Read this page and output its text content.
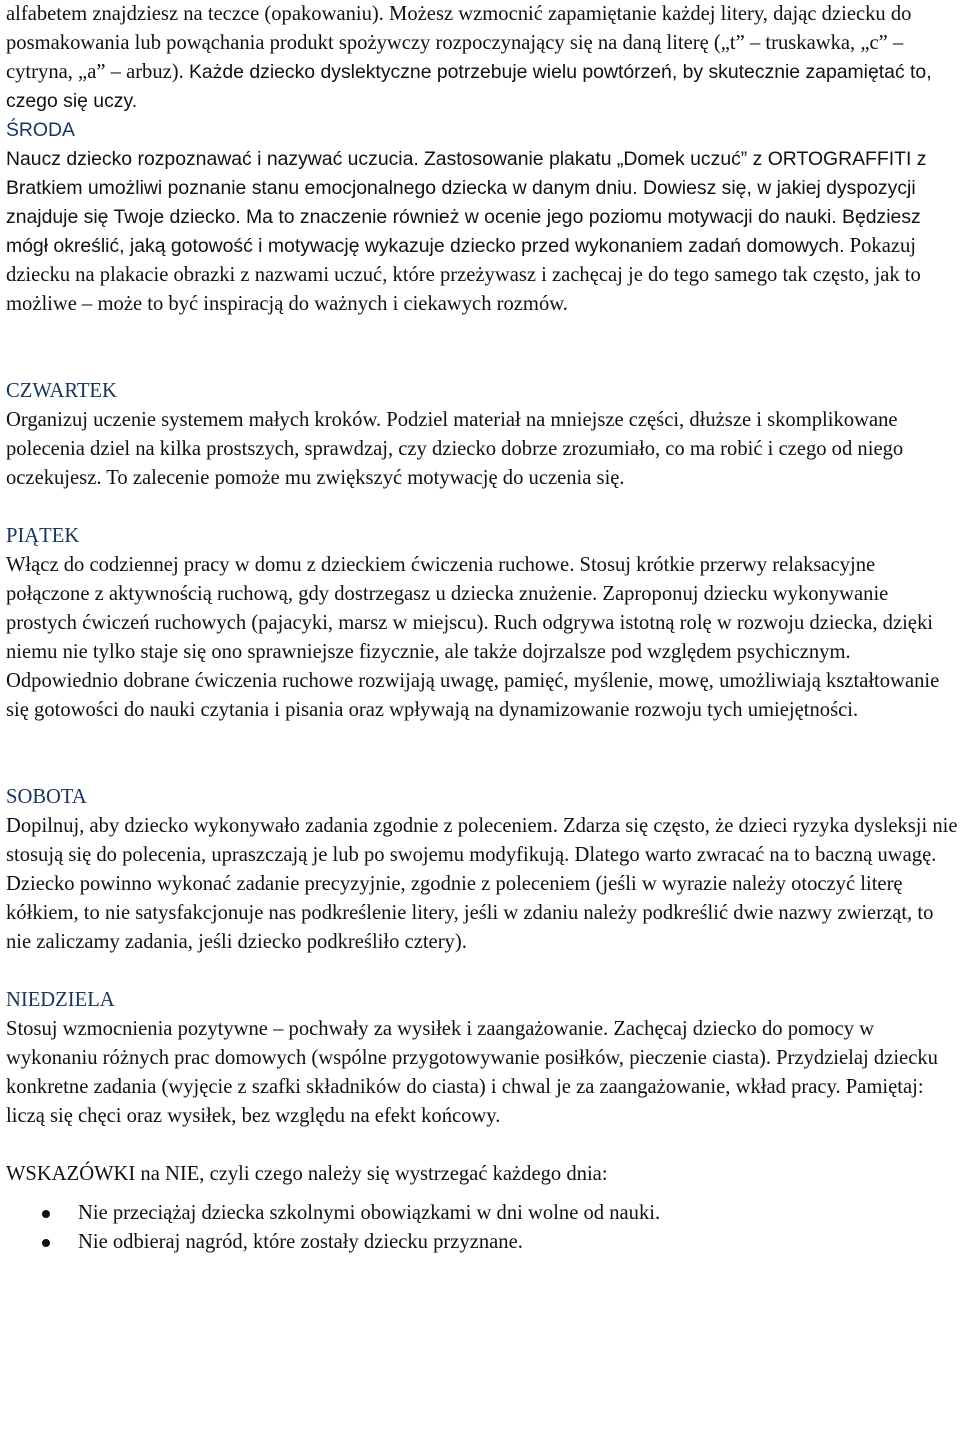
alfabetem znajdziesz na teczce (opakowaniu). Możesz wzmocnić zapamiętanie każdej litery, dając dziecku do posmakowania lub powąchania produkt spożywczy rozpoczynający się na daną literę („t” – truskawka, „c” – cytryna, „a” – arbuz). Każde dziecko dyslektyczne potrzebuje wielu powtórzeń, by skutecznie zapamiętać to, czego się uczy.

ŚRODA

Naucz dziecko rozpoznawać i nazywać uczucia. Zastosowanie plakatu „Domek uczuć” z ORTOGRAFFITI z Bratkiem umożliwi poznanie stanu emocjonalnego dziecka w danym dniu. Dowiesz się, w jakiej dyspozycji znajduje się Twoje dziecko. Ma to znaczenie również w ocenie jego poziomu motywacji do nauki. Będziesz mógł określić, jaką gotowość i motywację wykazuje dziecko przed wykonaniem zadań domowych. Pokazuj dziecku na plakacie obrazki z nazwami uczuć, które przeżywasz i zachęcaj je do tego samego tak często, jak to możliwe – może to być inspiracją do ważnych i ciekawych rozmów.

CZWARTEK

Organizuj uczenie systemem małych kroków. Podziel materiał na mniejsze części, dłuższe i skomplikowane polecenia dziel na kilka prostszych, sprawdzaj, czy dziecko dobrze zrozumiało, co ma robić i czego od niego oczekujesz. To zalecenie pomoże mu zwiększyć motywację do uczenia się.

PIĄTEK

Włącz do codziennej pracy w domu z dzieckiem ćwiczenia ruchowe. Stosuj krótkie przerwy relaksacyjne połączone z aktywnością ruchową, gdy dostrzegasz u dziecka znużenie. Zaproponuj dziecku wykonywanie prostych ćwiczeń ruchowych (pajacyki, marsz w miejscu). Ruch odgrywa istotną rolę w rozwoju dziecka, dzięki niemu nie tylko staje się ono sprawniejsze fizycznie, ale także dojrzalsze pod względem psychicznym. Odpowiednio dobrane ćwiczenia ruchowe rozwijają uwagę, pamięć, myślenie, mowę, umożliwiają kształtowanie się gotowości do nauki czytania i pisania oraz wpływają na dynamizowanie rozwoju tych umiejętności.

SOBOTA

Dopilnuj, aby dziecko wykonywało zadania zgodnie z poleceniem. Zdarza się często, że dzieci ryzyka dysleksji nie stosują się do polecenia, upraszczają je lub po swojemu modyfikują. Dlatego warto zwracać na to baczną uwagę. Dziecko powinno wykonać zadanie precyzyjnie, zgodnie z poleceniem (jeśli w wyrazie należy otoczyć literę kółkiem, to nie satysfakcjonuje nas podkreślenie litery, jeśli w zdaniu należy podkreślić dwie nazwy zwierząt, to nie zaliczamy zadania, jeśli dziecko podkreśliło cztery).

NIEDZIELA

Stosuj wzmocnienia pozytywne – pochwały za wysiłek i zaangażowanie. Zachęcaj dziecko do pomocy w wykonaniu różnych prac domowych (wspólne przygotowywanie posiłków, pieczenie ciasta). Przydzielaj dziecku konkretne zadania (wyjęcie z szafki składników do ciasta) i chwal je za zaangażowanie, wkład pracy. Pamiętaj: liczą się chęci oraz wysiłek, bez względu na efekt końcowy.

WSKAZÓWKI na NIE, czyli czego należy się wystrzegać każdego dnia:
Nie przeciążaj dziecka szkolnymi obowiązkami w dni wolne od nauki.
Nie odbieraj nagród, które zostały dziecku przyznane.
